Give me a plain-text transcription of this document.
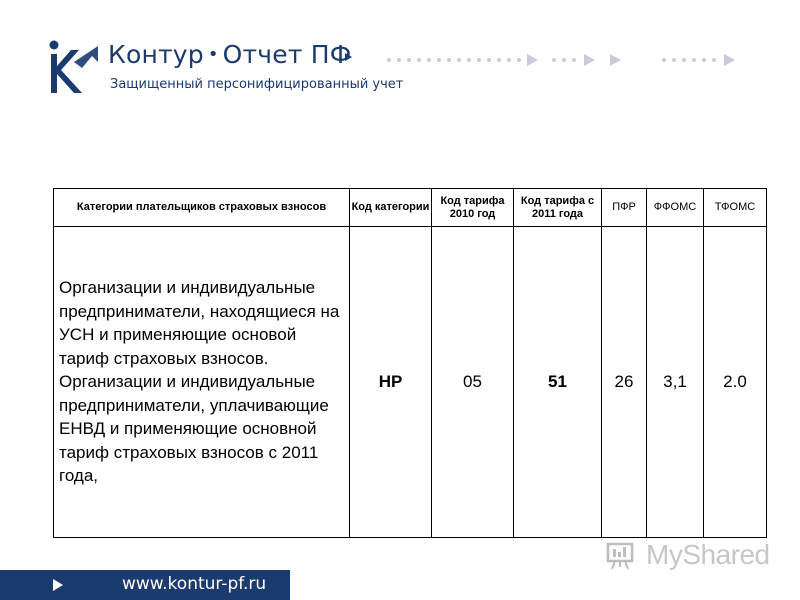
Контур • Отчет ПФ
Защищенный персонифицированный учет
Категории плательщиков страховых взносов	Код категории	Код тарифа 2010 год	Код тарифа с 2011 года	ПФР	ФФОМС	ТФОМС
Организации и индивидуальные предприниматели, находящиеся на УСН и применяющие основой тариф страховых взносов. Организации и индивидуальные предприниматели, уплачивающие ЕНВД и применяющие основной тариф страховых взносов с 2011 года,	НР	05	51	26	3,1	2.0
MyShared
www.kontur-pf.ru
